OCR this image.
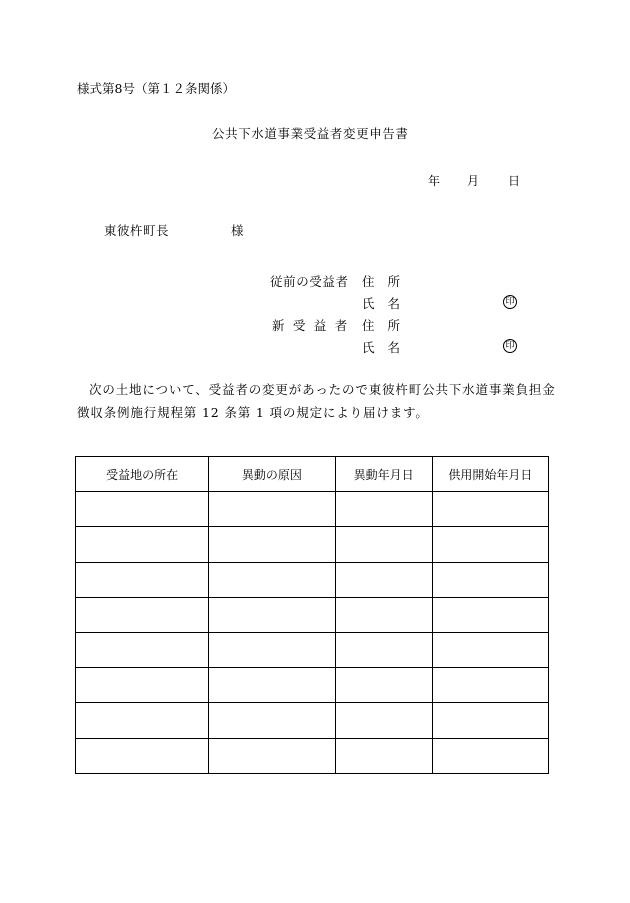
様式第8号（第１２条関係）
公共下水道事業受益者変更申告書
年 月 日
東彼杵町長	様
従前の受益者 住所
氏名	印
新受益者 住所
氏名	印
次の土地について、受益者の変更があったので東彼杵町公共下水道事業負担金
徴収条例施行規程第 12 条第 1 項の規定により届けます。
受益地の所在	異動の原因	異動年月日	供用開始年月日
